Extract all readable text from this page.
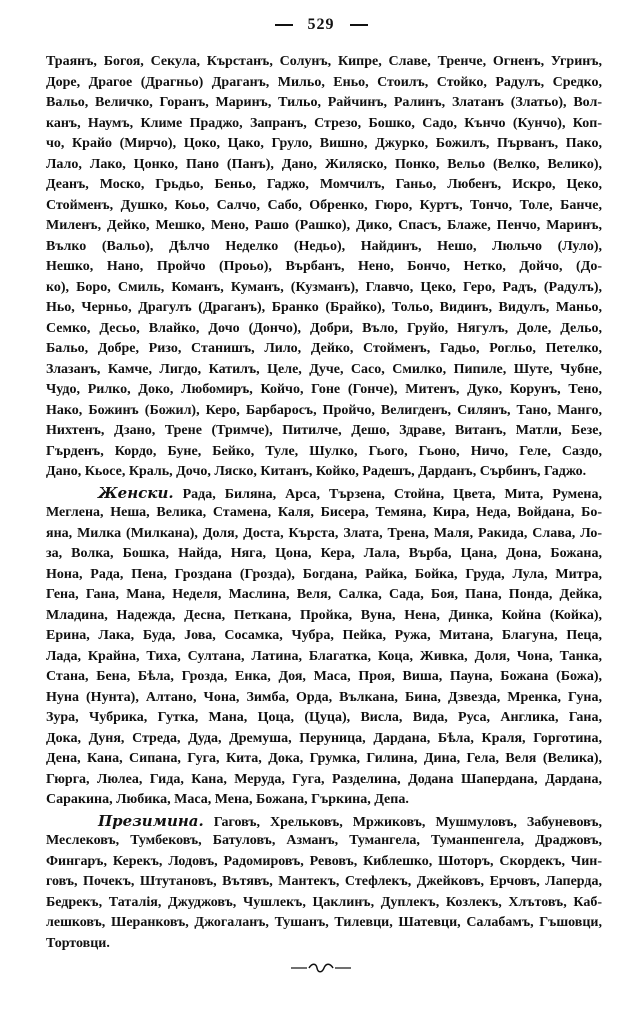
529
Траянъ, Богоя, Секула, Кърстанъ, Солунъ, Кипре, Славе, Тренче, Огненъ, Угринъ,
Доре, Драгое (Драгньо) Драганъ, Мильо, Еньо, Стоилъ, Стойко, Радулъ, Средко,
Вальо, Величко, Горанъ, Маринъ, Тильо, Райчинъ, Ралинъ, Златанъ (Златьо), Вол-
канъ, Наумъ, Климе Праджо, Запранъ, Стрезо, Бошко, Садо, Кънчо (Кунчо), Коп-
чо, Крайо (Мирчо), Цоко, Цако, Груло, Вишно, Джурко, Божилъ, Първанъ, Пако,
Лало, Лако, Цонко, Пано (Панъ), Дано, Жиляско, Понко, Вельо (Велко, Велико),
Деанъ, Моско, Грьдьо, Беньо, Гаджо, Момчилъ, Ганьо, Любенъ, Искро, Цеко,
Стойменъ, Душко, Коьо, Салчо, Сабо, Обренко, Гюро, Куртъ, Тончо, Толе, Банче,
Миленъ, Дейко, Мешко, Мено, Рашо (Рашко), Дико, Спасъ, Блаже, Пенчо, Маринъ,
Вълко (Вальо), Дѣлчо Неделко (Недьо), Найдинъ, Нешо, Люльчо (Луло),
Нешко, Нано, Пройчо (Проьо), Върбанъ, Нено, Бончо, Нетко, Дойчо, (До-
ко), Боро, Смиль, Команъ, Куманъ, (Кузманъ), Главчо, Цеко, Геро, Радъ, (Радулъ),
Ньо, Черньо, Драгулъ (Драганъ), Бранко (Брайко), Тольо, Видинъ, Видулъ, Маньо,
Семко, Десьо, Влайко, Дочо (Дончо), Добри, Вълo, Груйо, Нягулъ, Доле, Дельо,
Бальо, Добре, Ризо, Станишъ, Лило, Дейко, Стойменъ, Гадьо, Рогльо, Петелко,
Злазанъ, Камче, Лигдо, Катилъ, Целе, Дуче, Сасо, Смилко, Пипиле, Шуте, Чубне,
Чудо, Рилко, Доко, Любомиръ, Койчо, Гоне (Гонче), Митенъ, Дуко, Корунъ, Тено,
Нако, Божинъ (Божил), Керо, Барбаросъ, Пройчо, Велигденъ, Силянъ, Тано, Манго,
Нихтенъ, Дзано, Трене (Тримче), Питилче, Дешо, Здраве, Витанъ, Матли, Безе,
Гърденъ, Кордо, Буне, Бейко, Туле, Шулко, Гього, Гьоно, Ничо, Геле, Саздо,
Дано, Кьосе, Краль, Дочо, Ляско, Китанъ, Койко, Радешъ, Дарданъ, Сърбинъ, Гаджо.
Женски. Рада, Биляна, Арса, Тързена, Стойна, Цвета, Мита, Румена,
Меглена, Неша, Велика, Стамена, Каля, Бисера, Темяна, Кира, Неда, Войдана, Бо-
яна, Милка (Милкана), Доля, Доста, Кърста, Злата, Трена, Маля, Ракида, Слава, Ло-
за, Волка, Бошка, Найда, Няга, Цона, Кера, Лала, Върба, Цана, Дона, Божана,
Нона, Рада, Пена, Гроздана (Гроздa), Богдана, Райка, Бойка, Груда, Лула, Митра,
Гена, Гана, Мана, Неделя, Маслина, Веля, Салка, Сада, Боя, Пана, Понда, Дейка,
Младина, Надежда, Десна, Петкана, Пройка, Вуна, Нена, Динка, Койна (Койка),
Ерина, Лака, Буда, Јова, Сосамка, Чубра, Пейка, Ружа, Митана, Благуна, Пеца,
Лада, Крайна, Тиха, Султана, Латина, Благатка, Коца, Живка, Доля, Чона, Танка,
Стана, Бена, Бѣла, Грозда, Енка, Доя, Маса, Проя, Виша, Пауна, Божана (Божа),
Нуна (Нунта), Алтано, Чона, Зимба, Орда, Вълкана, Бина, Дзвезда, Мренка, Гуна,
Зура, Чубрика, Гутка, Мана, Цоца, (Цуца), Висла, Вида, Руса, Англика, Гана,
Дока, Дуня, Стреда, Дуда, Дремуша, Перуница, Дардана, Бѣла, Краля, Горготина,
Дена, Кана, Сипана, Гуга, Кита, Дока, Грумка, Гилина, Дина, Гела, Веля (Велика),
Гюрга, Люлеа, Гида, Кана, Меруда, Гуга, Разделина, Додана Шапердана, Дардана,
Саракина, Любика, Маса, Мена, Божана, Гъркина, Депа.
Презимина. Гаговъ, Хрельковъ, Мржиковъ, Мушмуловъ, Забуневовъ,
Меслековъ, Тумбековъ, Батуловъ, Азманъ, Тумангела, Туманпенгела, Драджовъ,
Фингаръ, Керекъ, Лодовъ, Радомировъ, Ревовъ, Киблешко, Шоторъ, Скордекъ, Чин-
говъ, Почекъ, Штутановъ, Вътявъ, Мантекъ, Стефлекъ, Джейковъ, Ерчовъ, Лаперда,
Бедрекъ, Таталія, Джуджовъ, Чушлекъ, Цаклинъ, Дуплекъ, Козлекъ, Хлътовъ, Каб-
лешковъ, Шеранковъ, Джогаланъ, Тушанъ, Тилевци, Шатевци, Салабамъ, Гъшовци,
Тортовци.
